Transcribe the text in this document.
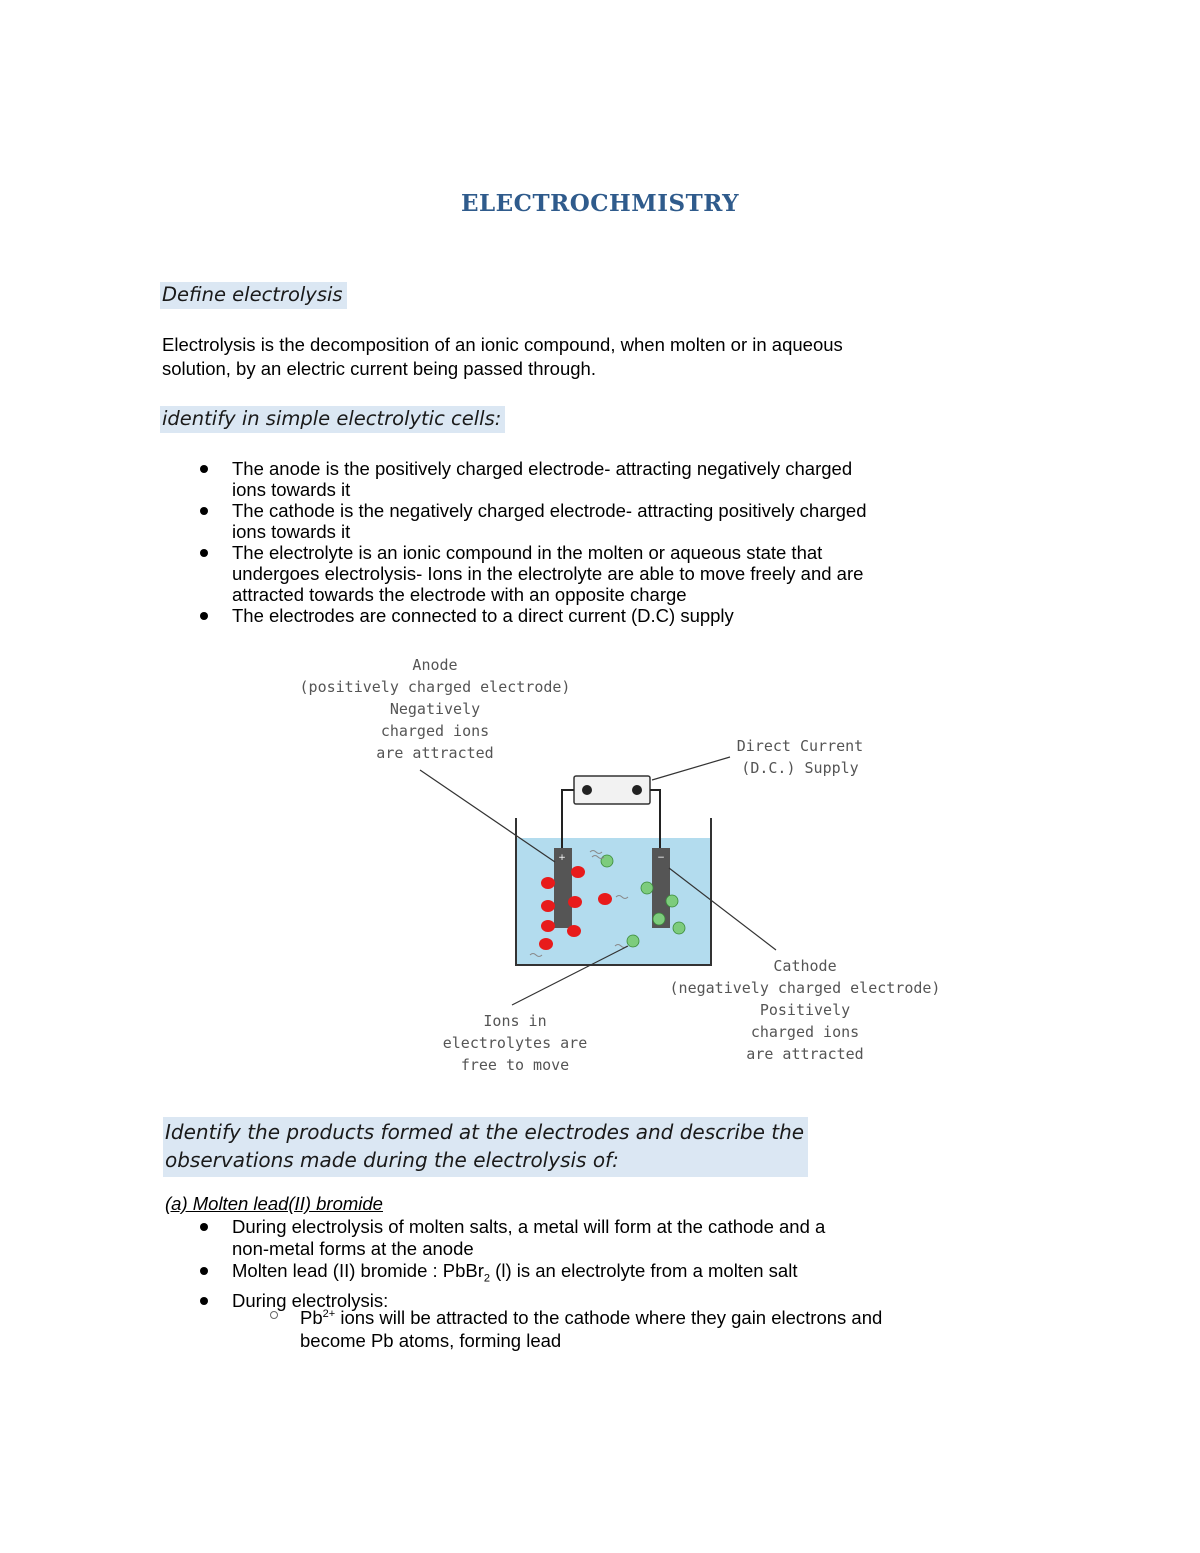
ELECTROCHMISTRY
Define electrolysis
Electrolysis is the decomposition of an ionic compound, when molten or in aqueous
solution, by an electric current being passed through.
identify in simple electrolytic cells:
The anode is the positively charged electrode- attracting negatively charged
ions towards it
The cathode is the negatively charged electrode- attracting positively charged
ions towards it
The electrolyte is an ionic compound in the molten or aqueous state that
undergoes electrolysis- Ions in the electrolyte are able to move freely and are
attracted towards the electrode with an opposite charge
The electrodes are connected to a direct current (D.C) supply
Anode
(positively charged electrode)
Negatively
charged ions
are attracted	Direct Current
(D.C.) Supply
Cathode
(negatively charged electrode)
Positively
charged ions
are attracted
Ions in
electrolytes are
free to move
+	−
Identify the products formed at the electrodes and describe the
observations made during the electrolysis of:
(a) Molten lead(II) bromide
During electrolysis of molten salts, a metal will form at the cathode and a
non-metal forms at the anode
Molten lead (II) bromide : PbBr$_2$ (l) is an electrolyte from a molten salt
During electrolysis:
$Pb^{2+}$ ions will be attracted to the cathode where they gain electrons and
become Pb atoms, forming lead
